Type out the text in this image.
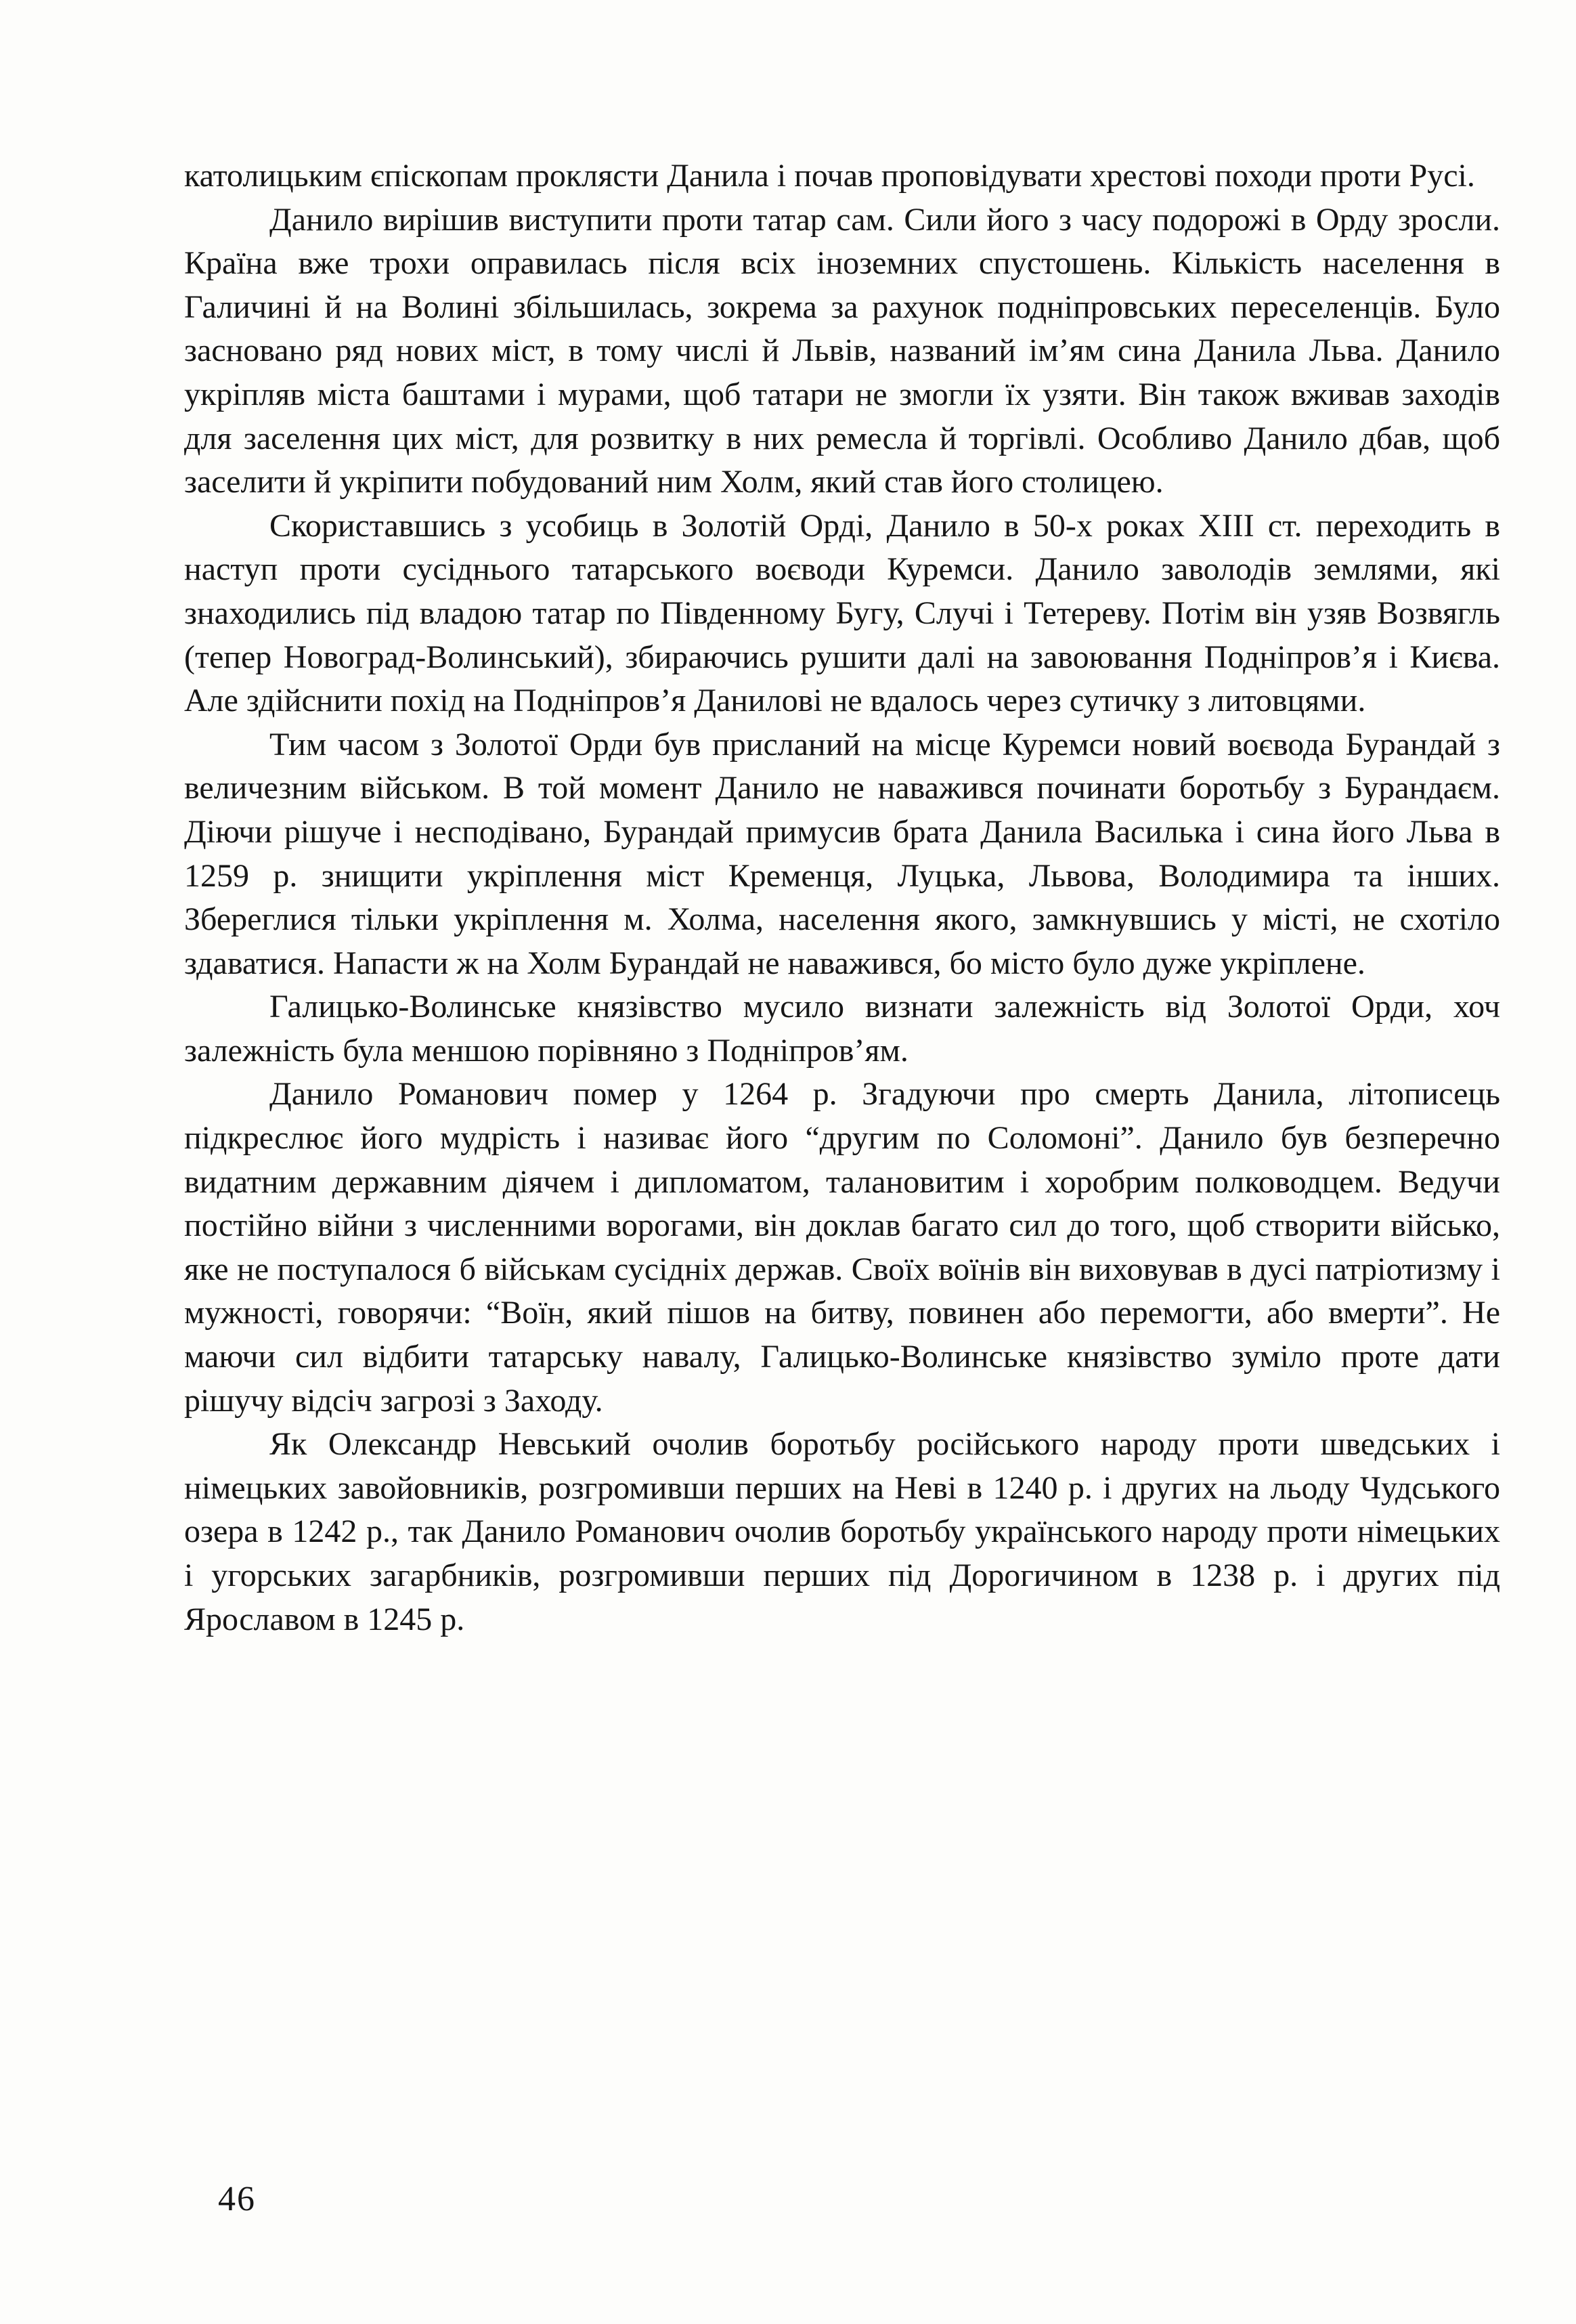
католицьким єпіскопам проклясти Данила і почав проповідувати хрестові походи проти Русі.

Данило вирішив виступити проти татар сам. Сили його з часу подорожі в Орду зросли. Країна вже трохи оправилась після всіх іноземних спустошень. Кількість населення в Галичині й на Волині збільшилась, зокрема за рахунок подніпровських переселенців. Було засновано ряд нових міст, в тому числі й Львів, названий ім’ям сина Данила Льва. Данило укріпляв міста баштами і мурами, щоб татари не змогли їх узяти. Він також вживав заходів для заселення цих міст, для розвитку в них ремесла й торгівлі. Особливо Данило дбав, щоб заселити й укріпити побудований ним Холм, який став його столицею.

Скориставшись з усобиць в Золотій Орді, Данило в 50-х роках XIII ст. переходить в наступ проти сусіднього татарського воєводи Куремси. Данило заволодів землями, які знаходились під владою татар по Південному Бугу, Случі і Тетереву. Потім він узяв Возвягль (тепер Новоград-Волинський), збираючись рушити далі на завоювання Подніпров’я і Києва. Але здійснити похід на Подніпров’я Данилові не вдалось через сутичку з литовцями.

Тим часом з Золотої Орди був присланий на місце Куремси новий воєвода Бурандай з величезним військом. В той момент Данило не наважився починати боротьбу з Бурандаєм. Діючи рішуче і несподівано, Бурандай примусив брата Данила Василька і сина його Льва в 1259 р. знищити укріплення міст Кременця, Луцька, Львова, Володимира та інших. Збереглися тільки укріплення м. Холма, населення якого, замкнувшись у місті, не схотіло здаватися. Напасти ж на Холм Бурандай не наважився, бо місто було дуже укріплене.

Галицько-Волинське князівство мусило визнати залежність від Золотої Орди, хоч залежність була меншою порівняно з Подніпров’ям.

Данило Романович помер у 1264 р. Згадуючи про смерть Данила, літописець підкреслює його мудрість і називає його “другим по Соломоні”. Данило був безперечно видатним державним діячем і дипломатом, талановитим і хоробрим полководцем. Ведучи постійно війни з численними ворогами, він доклав багато сил до того, щоб створити військо, яке не поступалося б військам сусідніх держав. Своїх воїнів він виховував в дусі патріотизму і мужності, говорячи: “Воїн, який пішов на битву, повинен або перемогти, або вмерти”. Не маючи сил відбити татарську навалу, Галицько-Волинське князівство зуміло проте дати рішучу відсіч загрозі з Заходу.

Як Олександр Невський очолив боротьбу російського народу проти шведських і німецьких завойовників, розгромивши перших на Неві в 1240 р. і других на льоду Чудського озера в 1242 р., так Данило Романович очолив боротьбу українського народу проти німецьких і угорських загарбників, розгромивши перших під Дорогичином в 1238 р. і других під Ярославом в 1245 р.

46
